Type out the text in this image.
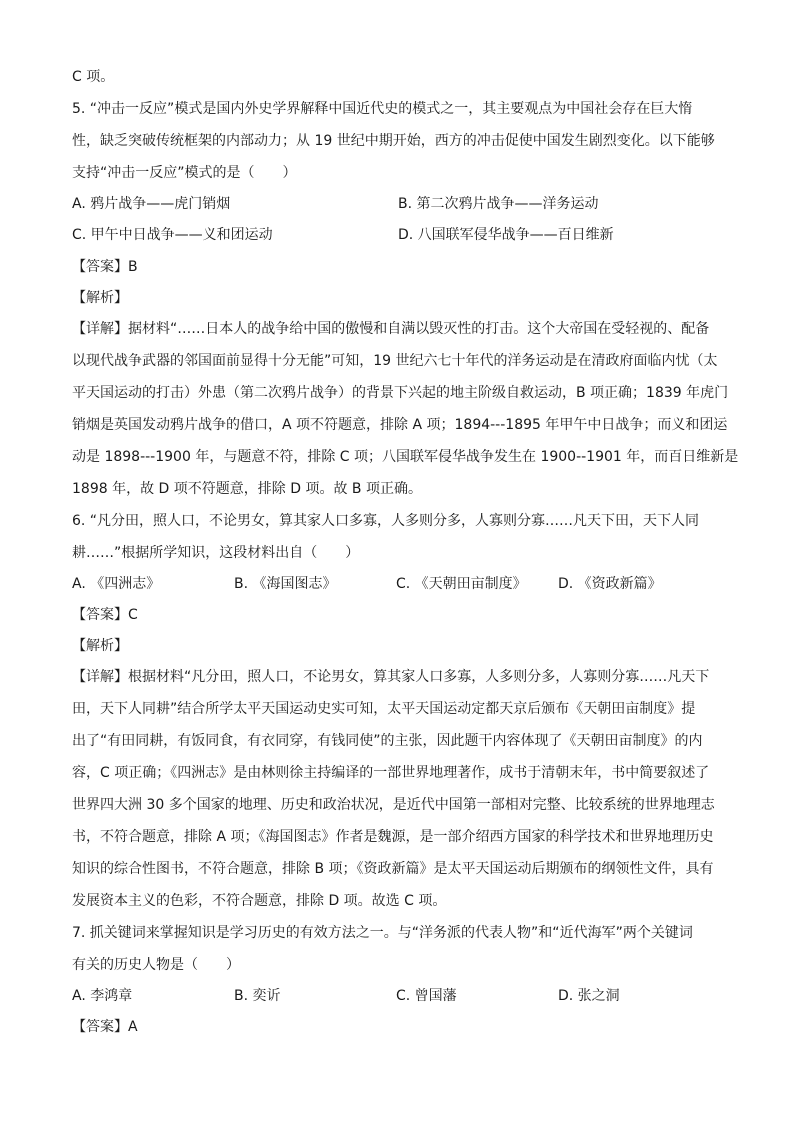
C 项。
5. “冲击一反应”模式是国内外史学界解释中国近代史的模式之一，其主要观点为中国社会存在巨大惰
性，缺乏突破传统框架的内部动力；从 19 世纪中期开始，西方的冲击促使中国发生剧烈变化。以下能够
支持“冲击一反应”模式的是（　　）
A. 鸦片战争——虎门销烟	B. 第二次鸦片战争——洋务运动
C. 甲午中日战争——义和团运动	D. 八国联军侵华战争——百日维新
【答案】B
【解析】
【详解】据材料“……日本人的战争给中国的傲慢和自满以毁灭性的打击。这个大帝国在受轻视的、配备
以现代战争武器的邻国面前显得十分无能”可知，19 世纪六七十年代的洋务运动是在清政府面临内忧（太
平天国运动的打击）外患（第二次鸦片战争）的背景下兴起的地主阶级自救运动，B 项正确；1839 年虎门
销烟是英国发动鸦片战争的借口，A 项不符题意，排除 A 项；1894---1895 年甲午中日战争；而义和团运
动是 1898---1900 年，与题意不符，排除 C 项；八国联军侵华战争发生在 1900--1901 年，而百日维新是
1898 年，故 D 项不符题意，排除 D 项。故 B 项正确。
6. “凡分田，照人口，不论男女，算其家人口多寡，人多则分多，人寡则分寡……凡天下田，天下人同
耕……”根据所学知识，这段材料出自（　　）
A. 《四洲志》	B. 《海国图志》	C. 《天朝田亩制度》 D. 《资政新篇》
【答案】C
【解析】
【详解】根据材料“凡分田，照人口，不论男女，算其家人口多寡，人多则分多，人寡则分寡……凡天下
田，天下人同耕”结合所学太平天国运动史实可知，太平天国运动定都天京后颁布《天朝田亩制度》提
出了“有田同耕，有饭同食，有衣同穿，有钱同使”的主张，因此题干内容体现了《天朝田亩制度》的内
容，C 项正确；《四洲志》是由林则徐主持编译的一部世界地理著作，成书于清朝末年，书中简要叙述了
世界四大洲 30 多个国家的地理、历史和政治状况，是近代中国第一部相对完整、比较系统的世界地理志
书，不符合题意，排除 A 项；《海国图志》作者是魏源，是一部介绍西方国家的科学技术和世界地理历史
知识的综合性图书，不符合题意，排除 B 项；《资政新篇》是太平天国运动后期颁布的纲领性文件，具有
发展资本主义的色彩，不符合题意，排除 D 项。故选 C 项。
7. 抓关键词来掌握知识是学习历史的有效方法之一。与“洋务派的代表人物”和“近代海军”两个关键词
有关的历史人物是（　　）
A. 李鸿章	B. 奕䜣	C. 曾国藩	D. 张之洞
【答案】A
